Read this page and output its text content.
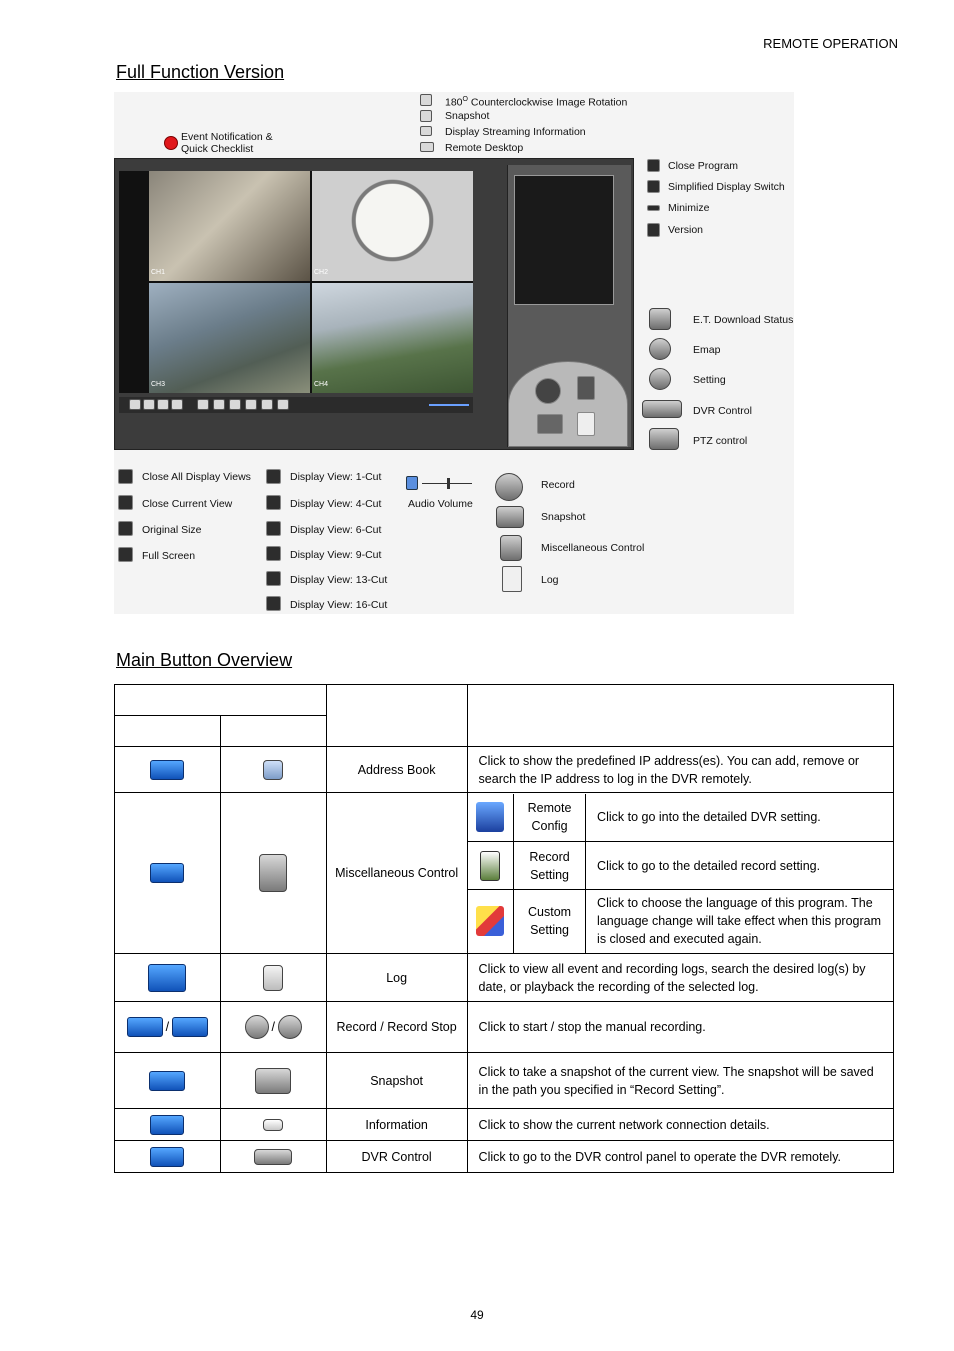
REMOTE OPERATION
Full Function Version
Event Notification &
Quick Checklist
$180^O$ Counterclockwise Image Rotation
Snapshot
Display Streaming Information
Remote Desktop
CH1	CH2
CH3	CH4
Close Program
Simplified Display Switch
Minimize
Version
E.T. Download Status
Emap
Setting
DVR Control
PTZ control
Close All Display Views
Close Current View
Original Size
Full Screen
Display View: 1-Cut
Display View: 4-Cut
Display View: 6-Cut
Display View: 9-Cut
Display View: 13-Cut
Display View: 16-Cut
Audio Volume
Record
Snapshot
Miscellaneous Control
Log
Main Button Overview

		Address Book	Click to show the predefined IP address(es). You can add, remove or search the IP address to log in the DVR remotely.
		Miscellaneous Control	
	Remote
Config	Click to go into the detailed DVR setting.
	Record
Setting	Click to go to the detailed record setting.
	Custom
Setting	Click to choose the language of this program. The language change will take effect when this program is closed and executed again.

		Log	Click to view all event and recording logs, search the desired log(s) by date, or playback the recording of the selected log.
/	/	Record / Record Stop	Click to start / stop the manual recording.
		Snapshot	Click to take a snapshot of the current view. The snapshot will be saved in the path you specified in “Record Setting”.
		Information	Click to show the current network connection details.
		DVR Control	Click to go to the DVR control panel to operate the DVR remotely.
49
